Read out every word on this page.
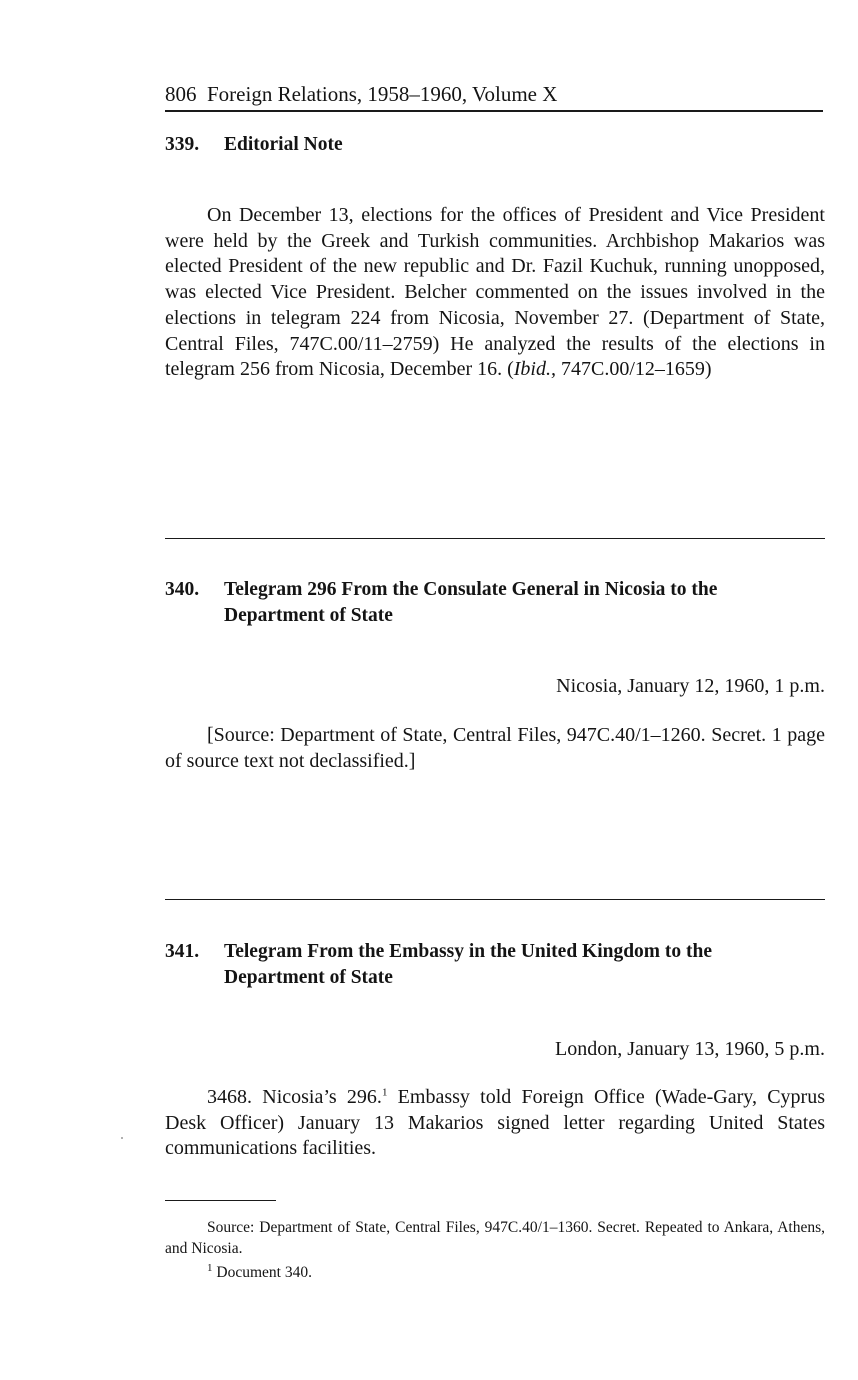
806 Foreign Relations, 1958–1960, Volume X
339. Editorial Note

On December 13, elections for the offices of President and Vice President were held by the Greek and Turkish communities. Archbishop Makarios was elected President of the new republic and Dr. Fazil Kuchuk, running unopposed, was elected Vice President. Belcher commented on the issues involved in the elections in telegram 224 from Nicosia, November 27. (Department of State, Central Files, 747C.00/11–2759) He analyzed the results of the elections in telegram 256 from Nicosia, December 16. (Ibid., 747C.00/12–1659)

340. Telegram 296 From the Consulate General in Nicosia to the
Department of State
Nicosia, January 12, 1960, 1 p.m.

[Source: Department of State, Central Files, 947C.40/1–1260. Secret. 1 page of source text not declassified.]

341. Telegram From the Embassy in the United Kingdom to the
Department of State
London, January 13, 1960, 5 p.m.

3468. Nicosia’s 296.$^1$ Embassy told Foreign Office (Wade-Gary, Cyprus Desk Officer) January 13 Makarios signed letter regarding United States communications facilities.

Source: Department of State, Central Files, 947C.40/1–1360. Secret. Repeated to Ankara, Athens, and Nicosia.

$^1$ Document 340.
